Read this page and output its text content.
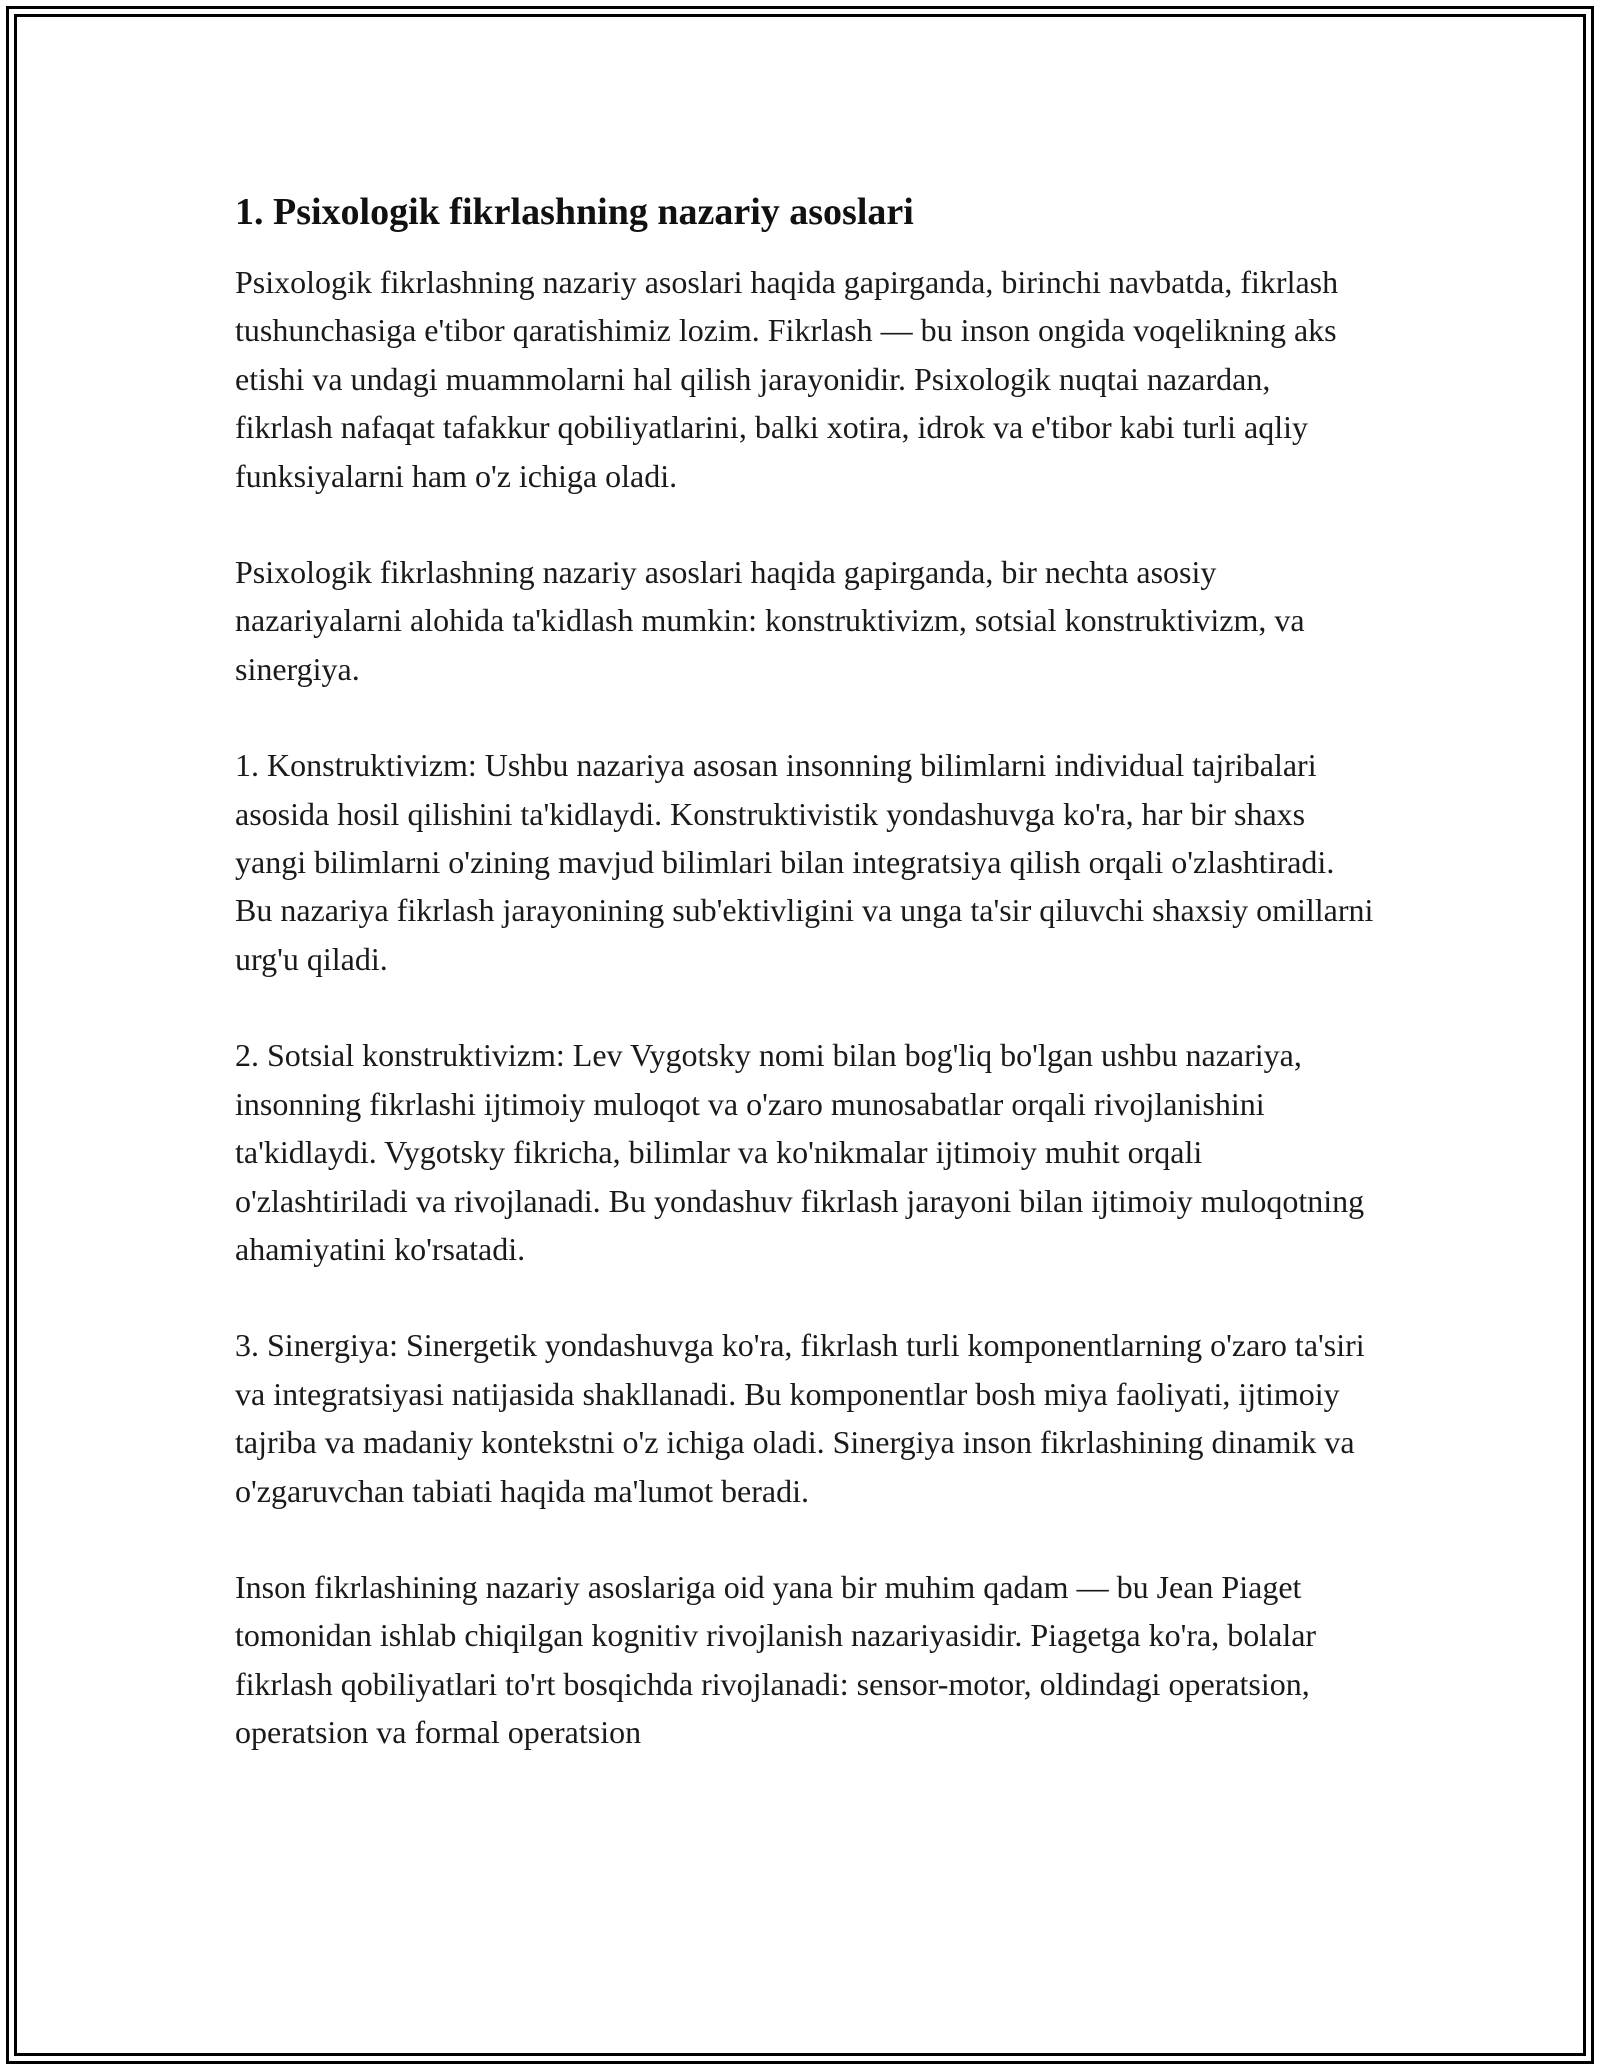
1. Psixologik fikrlashning nazariy asoslari

Psixologik fikrlashning nazariy asoslari haqida gapirganda, birinchi navbatda, fikrlash tushunchasiga e'tibor qaratishimiz lozim. Fikrlash — bu inson ongida voqelikning aks etishi va undagi muammolarni hal qilish jarayonidir. Psixologik nuqtai nazardan, fikrlash nafaqat tafakkur qobiliyatlarini, balki xotira, idrok va e'tibor kabi turli aqliy funksiyalarni ham o'z ichiga oladi.

Psixologik fikrlashning nazariy asoslari haqida gapirganda, bir nechta asosiy nazariyalarni alohida ta'kidlash mumkin: konstruktivizm, sotsial konstruktivizm, va sinergiya.

1. Konstruktivizm: Ushbu nazariya asosan insonning bilimlarni individual tajribalari asosida hosil qilishini ta'kidlaydi. Konstruktivistik yondashuvga ko'ra, har bir shaxs yangi bilimlarni o'zining mavjud bilimlari bilan integratsiya qilish orqali o'zlashtiradi. Bu nazariya fikrlash jarayonining sub'ektivligini va unga ta'sir qiluvchi shaxsiy omillarni urg'u qiladi.

2. Sotsial konstruktivizm: Lev Vygotsky nomi bilan bog'liq bo'lgan ushbu nazariya, insonning fikrlashi ijtimoiy muloqot va o'zaro munosabatlar orqali rivojlanishini ta'kidlaydi. Vygotsky fikricha, bilimlar va ko'nikmalar ijtimoiy muhit orqali o'zlashtiriladi va rivojlanadi. Bu yondashuv fikrlash jarayoni bilan ijtimoiy muloqotning ahamiyatini ko'rsatadi.

3. Sinergiya: Sinergetik yondashuvga ko'ra, fikrlash turli komponentlarning o'zaro ta'siri va integratsiyasi natijasida shakllanadi. Bu komponentlar bosh miya faoliyati, ijtimoiy tajriba va madaniy kontekstni o'z ichiga oladi. Sinergiya inson fikrlashining dinamik va o'zgaruvchan tabiati haqida ma'lumot beradi.

Inson fikrlashining nazariy asoslariga oid yana bir muhim qadam — bu Jean Piaget tomonidan ishlab chiqilgan kognitiv rivojlanish nazariyasidir. Piagetga ko'ra, bolalar fikrlash qobiliyatlari to'rt bosqichda rivojlanadi: sensor-motor, oldindagi operatsion, operatsion va formal operatsion
